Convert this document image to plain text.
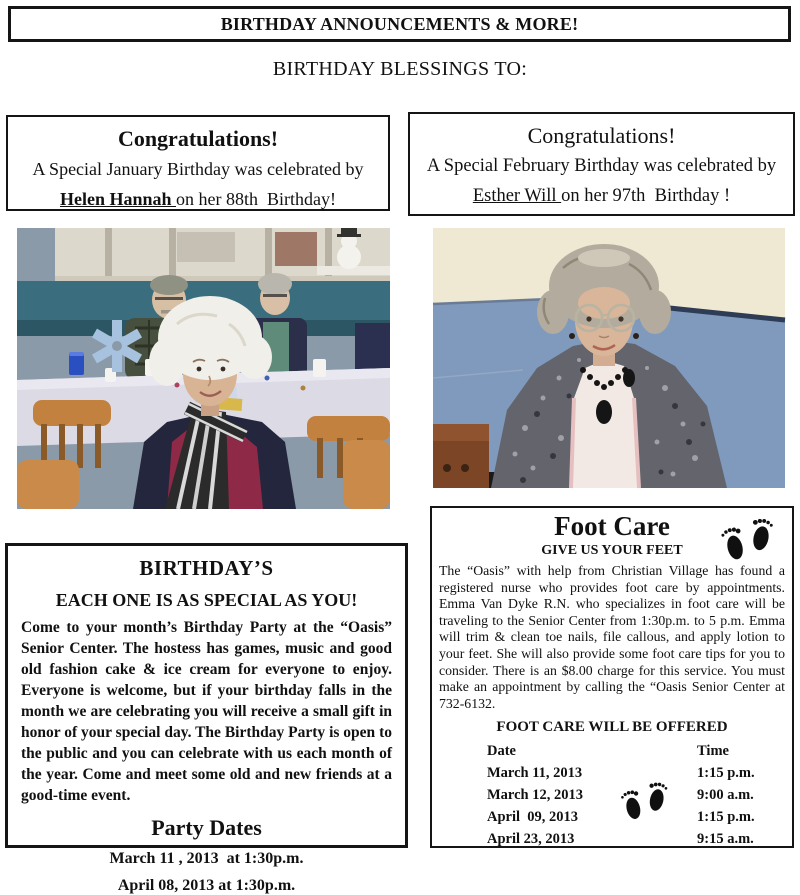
BIRTHDAY ANNOUNCEMENTS & MORE!
BIRTHDAY BLESSINGS TO:
Congratulations!
A Special January Birthday was celebrated by
Helen Hannah on her 88th  Birthday!
Congratulations!
A Special February Birthday was celebrated by
Esther Will on her 97th  Birthday !
BIRTHDAY’S
EACH ONE IS AS SPECIAL AS YOU!
Come to your month’s Birthday Party at the “Oasis” Senior Center. The hostess has games, music and good old fashion cake & ice cream for everyone to enjoy. Everyone is welcome, but if your birthday falls in the month we are celebrating you will receive a small gift in honor of your special day. The Birthday Party is open to the public and you can celebrate with us each month of the year. Come and meet some old and new friends at a good-time event.
Party Dates
March 11 , 2013  at 1:30p.m.
April 08, 2013 at 1:30p.m.
Foot Care
GIVE US YOUR FEET
The “Oasis” with help from Christian Village has found a registered nurse who provides foot care by appointments. Emma Van Dyke R.N. who specializes in foot care will be traveling to the Senior Center from 1:30p.m. to 5 p.m. Emma will trim & clean toe nails, file callous, and apply lotion to your feet. She will also provide some foot care tips for you to consider. There is an $8.00 charge for this service. You must make an appointment by calling the “Oasis Senior Center at 732-6132.
FOOT CARE WILL BE OFFERED
Date	Time
March 11, 2013	1:15 p.m.
March 12, 2013	9:00 a.m.
April  09, 2013	1:15 p.m.
April 23, 2013	9:15 a.m.
